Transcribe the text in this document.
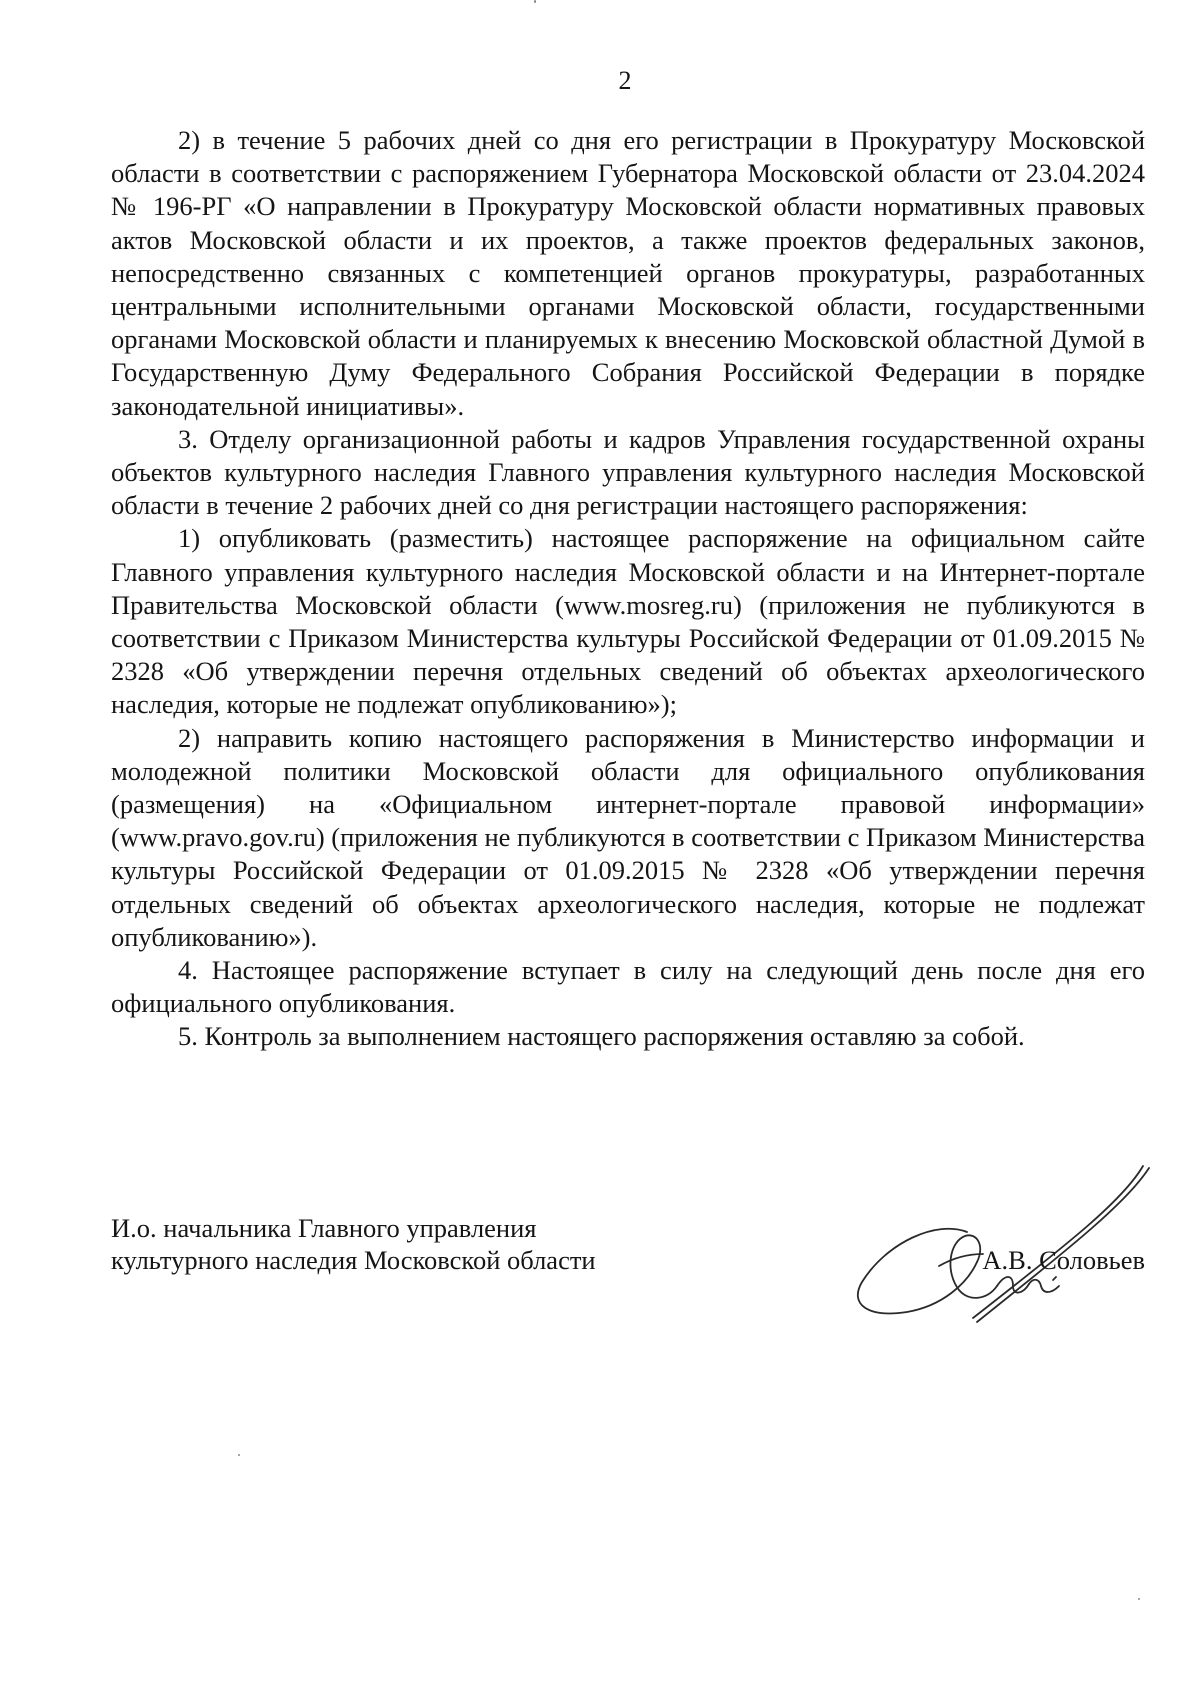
2

2) в течение 5 рабочих дней со дня его регистрации в Прокуратуру Московской области в соответствии с распоряжением Губернатора Московской области от 23.04.2024 № 196-РГ «О направлении в Прокуратуру Московской области нормативных правовых актов Московской области и их проектов, а также проектов федеральных законов, непосредственно связанных с компетенцией органов прокуратуры, разработанных центральными исполнительными органами Московской области, государственными органами Московской области и планируемых к внесению Московской областной Думой в Государственную Думу Федерального Собрания Российской Федерации в порядке законодательной инициативы».

3. Отделу организационной работы и кадров Управления государственной охраны объектов культурного наследия Главного управления культурного наследия Московской области в течение 2 рабочих дней со дня регистрации настоящего распоряжения:

1) опубликовать (разместить) настоящее распоряжение на официальном сайте Главного управления культурного наследия Московской области и на Интернет-портале Правительства Московской области (www.mosreg.ru) (приложения не публикуются в соответствии с Приказом Министерства культуры Российской Федерации от 01.09.2015 № 2328 «Об утверждении перечня отдельных сведений об объектах археологического наследия, которые не подлежат опубликованию»);

2) направить копию настоящего распоряжения в Министерство информации и молодежной политики Московской области для официального опубликования (размещения) на «Официальном интернет-портале правовой информации» (www.pravo.gov.ru) (приложения не публикуются в соответствии с Приказом Министерства культуры Российской Федерации от 01.09.2015 № 2328 «Об утверждении перечня отдельных сведений об объектах археологического наследия, которые не подлежат опубликованию»).

4. Настоящее распоряжение вступает в силу на следующий день после дня его официального опубликования.

5. Контроль за выполнением настоящего распоряжения оставляю за собой.

И.о. начальника Главного управления
культурного наследия Московской области	А.В. Соловьев
